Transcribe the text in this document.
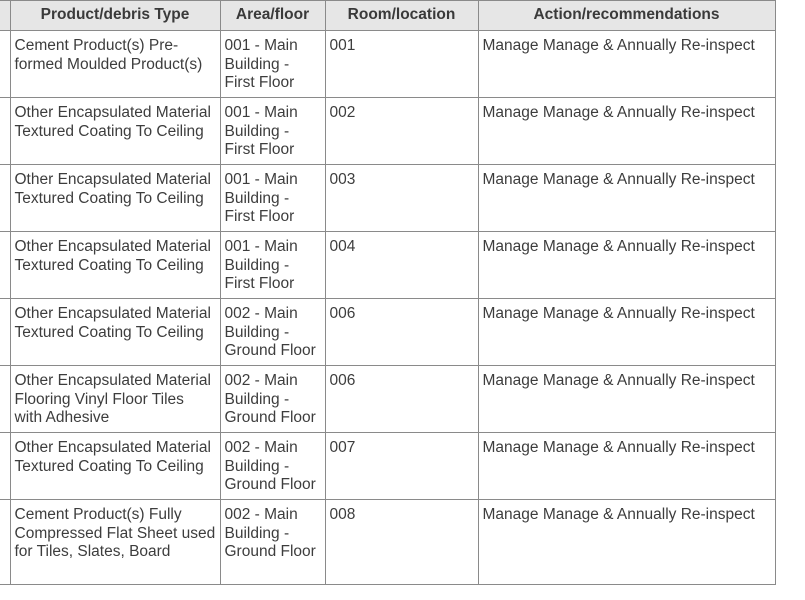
	Product/debris Type	Area/floor	Room/location	Action/recommendations
	Cement Product(s) Pre-formed Moulded Product(s)	001 - Main Building - First Floor	001	Manage Manage & Annually Re-inspect
	Other Encapsulated Material Textured Coating To Ceiling	001 - Main Building - First Floor	002	Manage Manage & Annually Re-inspect
	Other Encapsulated Material Textured Coating To Ceiling	001 - Main Building - First Floor	003	Manage Manage & Annually Re-inspect
	Other Encapsulated Material Textured Coating To Ceiling	001 - Main Building - First Floor	004	Manage Manage & Annually Re-inspect
	Other Encapsulated Material Textured Coating To Ceiling	002 - Main Building - Ground Floor	006	Manage Manage & Annually Re-inspect
	Other Encapsulated Material Flooring Vinyl Floor Tiles with Adhesive	002 - Main Building - Ground Floor	006	Manage Manage & Annually Re-inspect
	Other Encapsulated Material Textured Coating To Ceiling	002 - Main Building - Ground Floor	007	Manage Manage & Annually Re-inspect
	Cement Product(s) Fully Compressed Flat Sheet used for Tiles, Slates, Board	002 - Main Building - Ground Floor	008	Manage Manage & Annually Re-inspect
